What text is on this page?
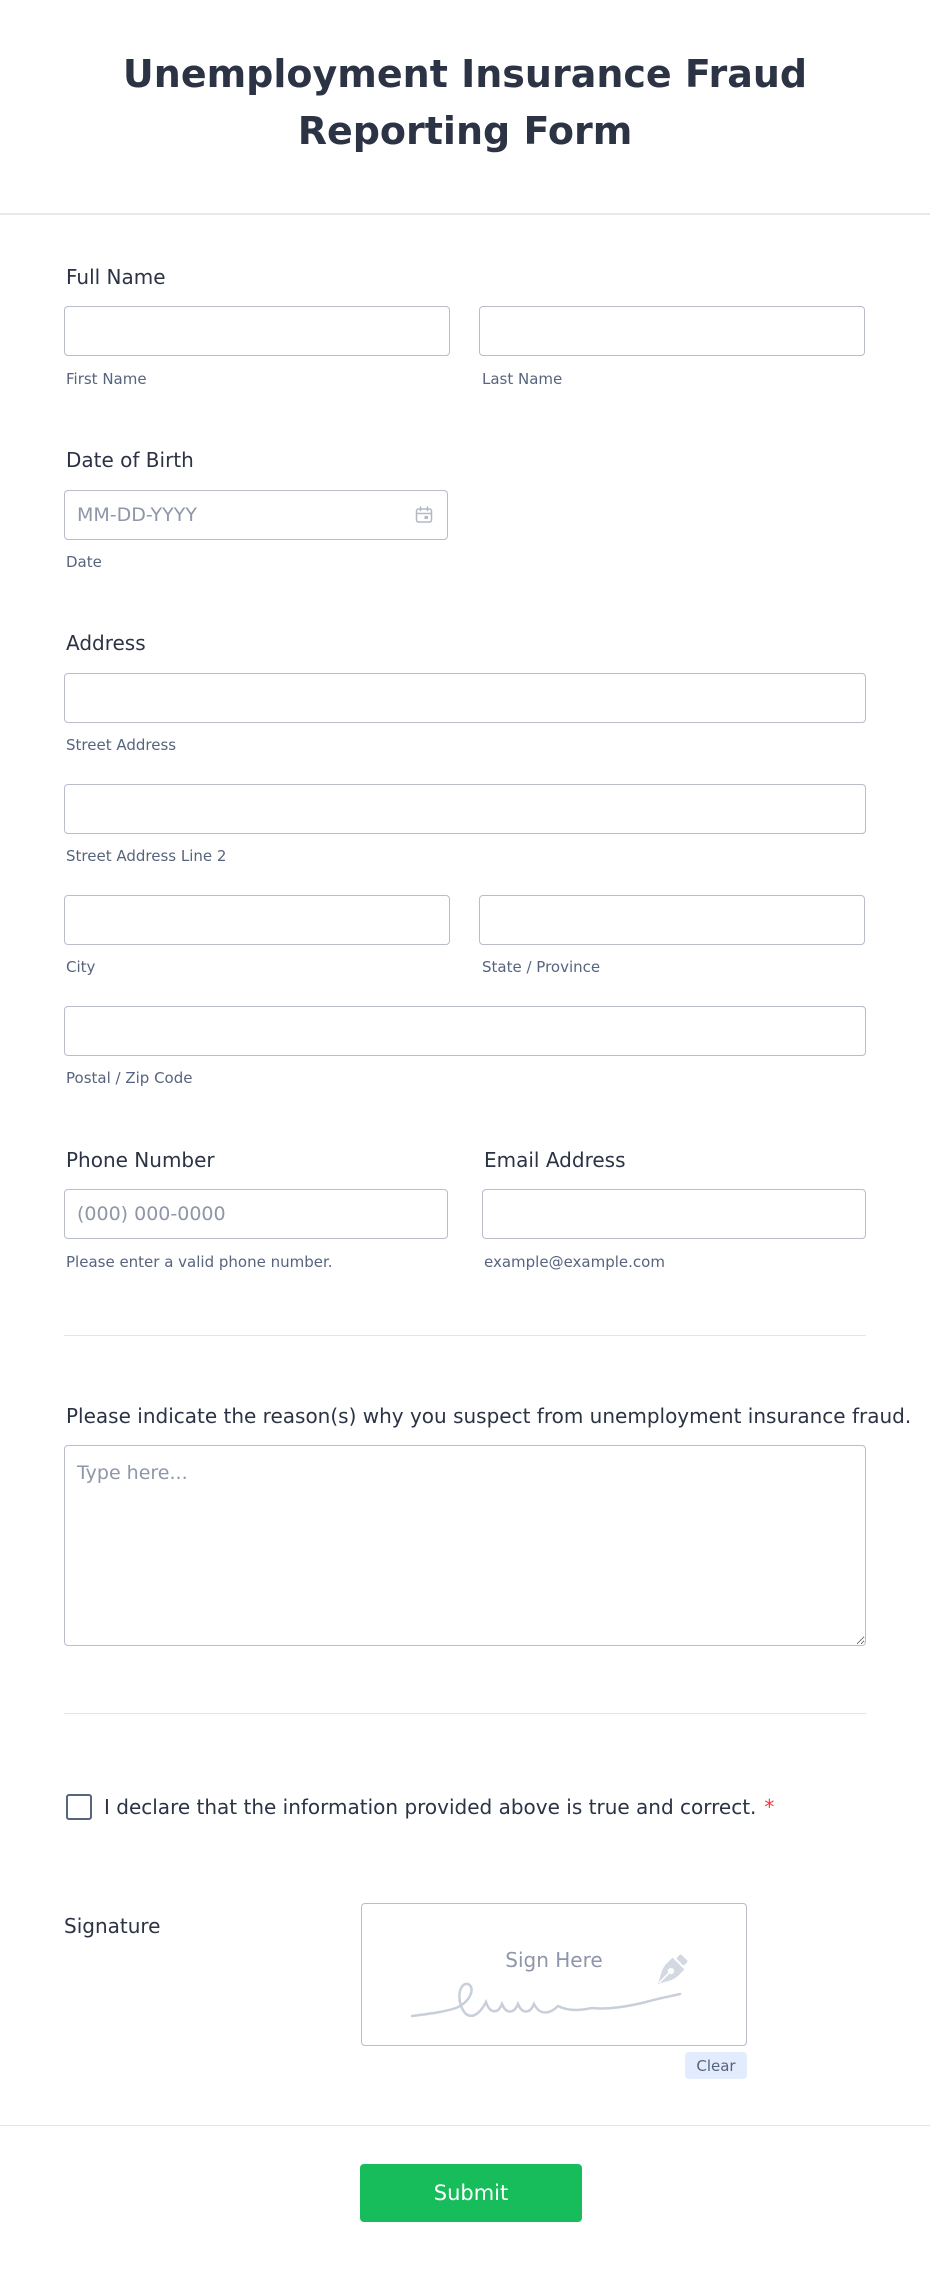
Unemployment Insurance Fraud Reporting Form
Full Name
First Name	Last Name
Date of Birth
MM-DD-YYYY
Date
Address
Street Address
Street Address Line 2
City	State / Province
Postal / Zip Code
Phone Number	Email Address
(000) 000-0000
Please enter a valid phone number.	example@example.com
Please indicate the reason(s) why you suspect from unemployment insurance fraud.
Type here...
I declare that the information provided above is true and correct. *
Signature
Sign Here
Clear
Submit
